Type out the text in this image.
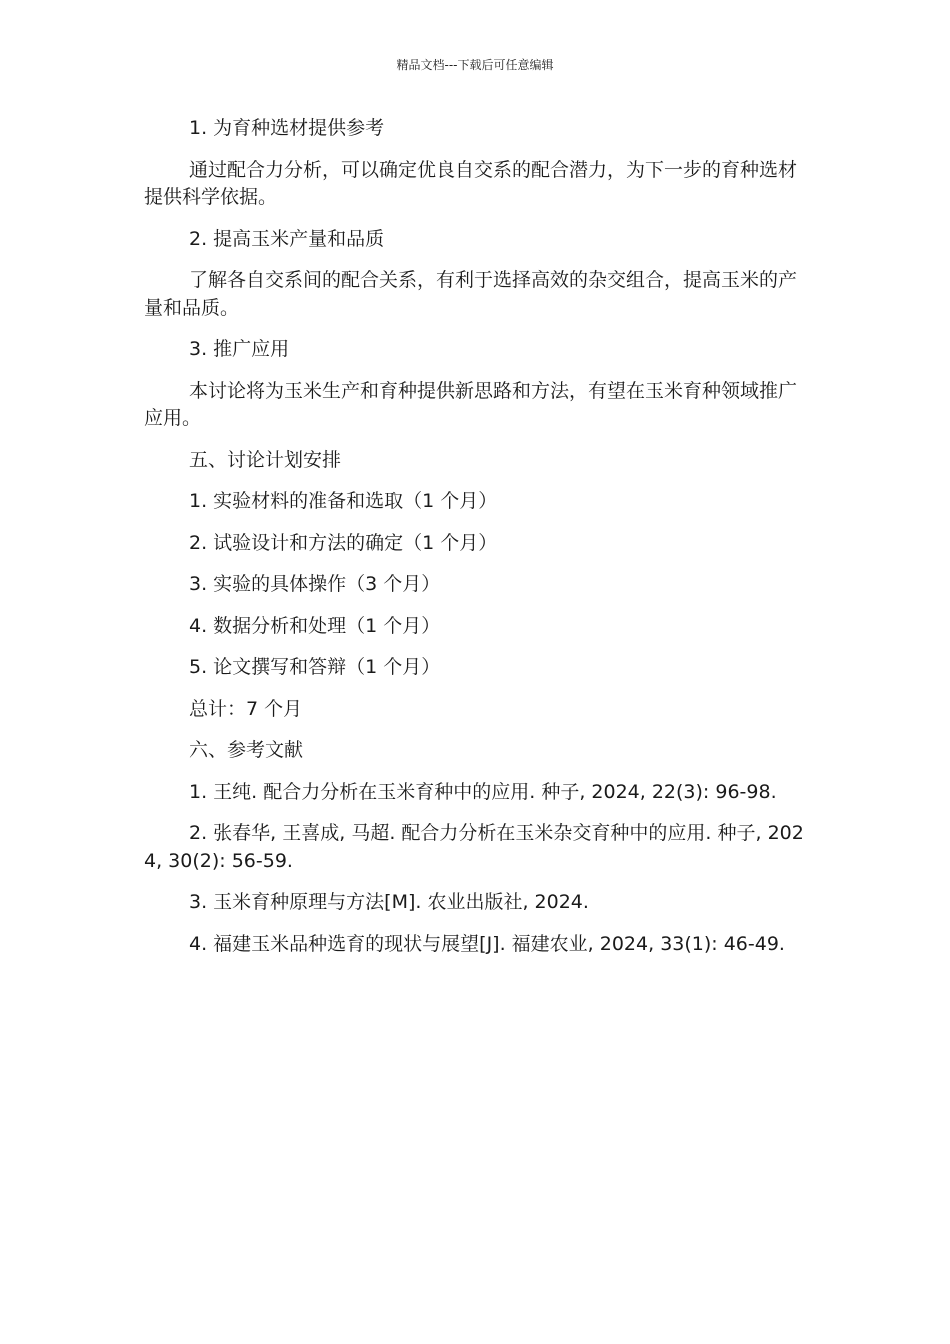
精品文档---下载后可任意编辑

1. 为育种选材提供参考

通过配合力分析，可以确定优良自交系的配合潜力，为下一步的育种选材提供科学依据。

2. 提高玉米产量和品质

了解各自交系间的配合关系，有利于选择高效的杂交组合，提高玉米的产量和品质。

3. 推广应用

本讨论将为玉米生产和育种提供新思路和方法，有望在玉米育种领域推广应用。

五、讨论计划安排

1. 实验材料的准备和选取（1 个月）

2. 试验设计和方法的确定（1 个月）

3. 实验的具体操作（3 个月）

4. 数据分析和处理（1 个月）

5. 论文撰写和答辩（1 个月）

总计：7 个月

六、参考文献

1. 王纯. 配合力分析在玉米育种中的应用. 种子, 2024, 22(3): 96-98.

2. 张春华, 王喜成, 马超. 配合力分析在玉米杂交育种中的应用. 种子, 2024, 30(2): 56-59.

3. 玉米育种原理与方法[M]. 农业出版社, 2024.

4. 福建玉米品种选育的现状与展望[J]. 福建农业, 2024, 33(1): 46-49.
